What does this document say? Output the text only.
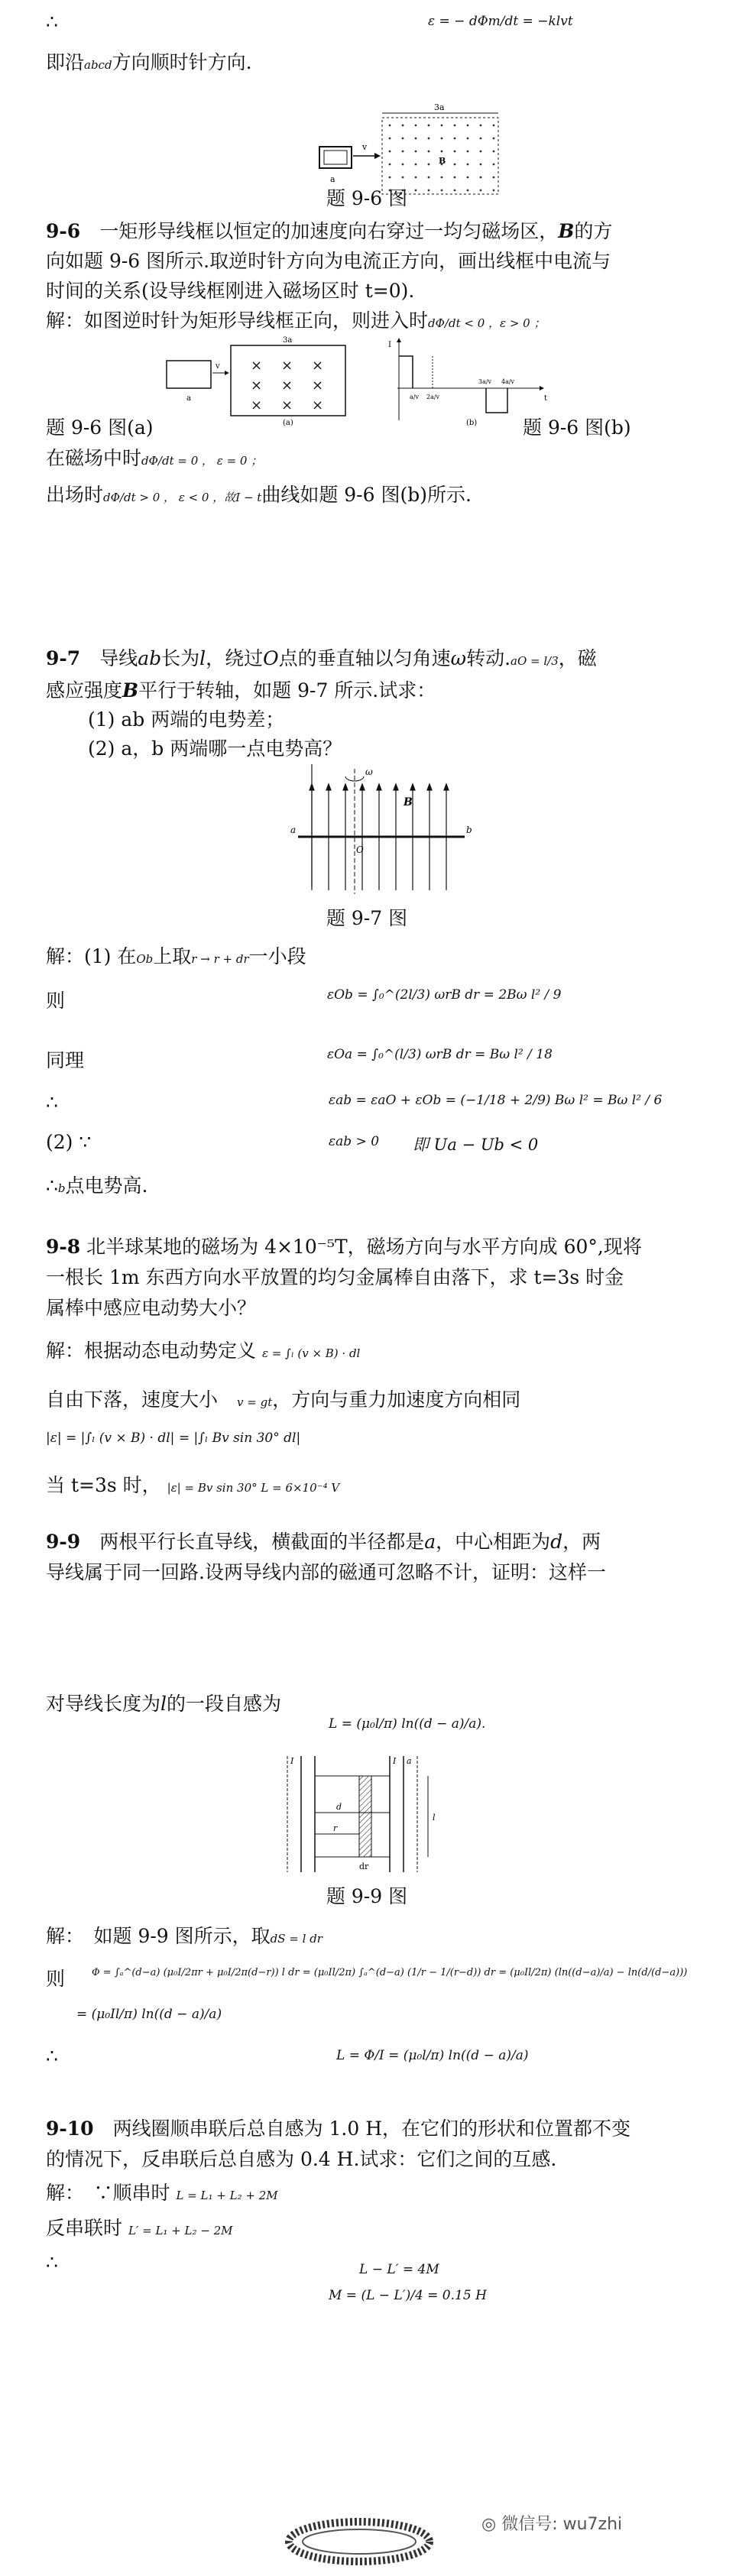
∴	ε = − dΦm/dt = −klvt
即沿abcd方向顺时针方向.
v
a
3a
B
题 9-6 图
9-6　 一矩形导线框以恒定的加速度向右穿过一均匀磁场区，B的方
向如题 9-6 图所示.取逆时针方向为电流正方向，画出线框中电流与
时间的关系(设导线框刚进入磁场区时 t=0).
解：如图逆时针为矩形导线框正向，则进入时dΦ/dt < 0 ，ε > 0 ；
v
a
3a
× × ×
× × ×
× × ×
(a)
I
t
a/v 2a/v
3a/v 4a/v
(b)
题 9-6 图(a)	题 9-6 图(b)
在磁场中时dΦ/dt = 0 ， ε = 0 ；
出场时dΦ/dt > 0 ， ε < 0 ，故I − t曲线如题 9-6 图(b)所示.
9-7　 导线ab长为l，绕过O点的垂直轴以匀角速ω转动.aO = l/3，磁
感应强度B平行于转轴，如题 9-7 所示.试求：
(1) ab 两端的电势差；
(2) a，b 两端哪一点电势高？
ω
B
O
a	b
题 9-7 图
解：(1) 在Ob上取r → r + dr一小段
则	εOb = ∫₀^(2l/3) ωrB dr = 2Bω l² / 9
同理	εOa = ∫₀^(l/3) ωrB dr = Bω l² / 18
∴	εab = εaO + εOb = (−1/18 + 2/9) Bω l² = Bω l² / 6
(2) ∵	εab > 0 即 Ua − Ub < 0
∴b点电势高.
9-8 北半球某地的磁场为 4×10⁻⁵T，磁场方向与水平方向成 60°,现将
一根长 1m 东西方向水平放置的均匀金属棒自由落下，求 t=3s 时金
属棒中感应电动势大小？
解：根据动态电动势定义 ε = ∫ₗ (v × B) · dl
自由下落，速度大小　 v = gt，方向与重力加速度方向相同
|ε| = |∫ₗ (v × B) · dl| = |∫ₗ Bv sin 30° dl|
当 t=3s 时， |ε| = Bv sin 30° L = 6×10⁻⁴ V
9-9　 两根平行长直导线，横截面的半径都是a，中心相距为d，两
导线属于同一回路.设两导线内部的磁通可忽略不计，证明：这样一
对导线长度为l的一段自感为
L = (μ₀l/π) ln((d − a)/a).
I	I
d
r
dr
l
a
题 9-9 图
解：　如题 9-9 图所示，取dS = l dr
则	Φ = ∫ₐ^(d−a) (μ₀I/2πr + μ₀I/2π(d−r)) l dr = (μ₀Il/2π) ∫ₐ^(d−a) (1/r − 1/(r−d)) dr = (μ₀Il/2π) (ln((d−a)/a) − ln(d/(d−a)))
= (μ₀Il/π) ln((d − a)/a)
∴	L = Φ/I = (μ₀l/π) ln((d − a)/a)
9-10　 两线圈顺串联后总自感为 1.0 H，在它们的形状和位置都不变
的情况下，反串联后总自感为 0.4 H.试求：它们之间的互感.
解：　∵顺串时 L = L₁ + L₂ + 2M
反串联时 L′ = L₁ + L₂ − 2M
∴	L − L′ = 4M
M = (L − L′)/4 = 0.15 H
◎ 微信号: wu7zhi
